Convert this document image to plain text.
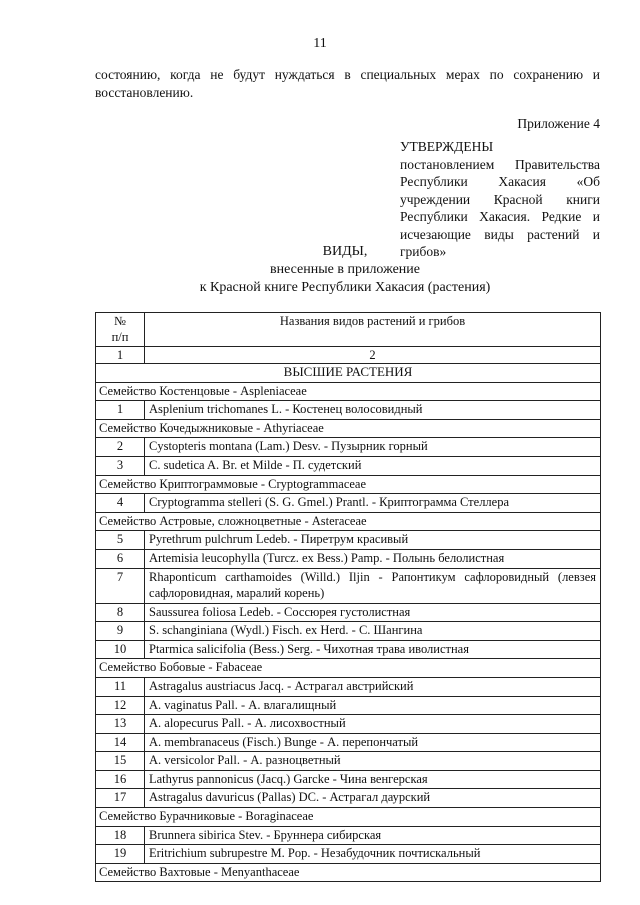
11
состоянию, когда не будут нуждаться в специальных мерах по сохранению и восстановлению.
Приложение 4
УТВЕРЖДЕНЫ
постановлением Правительства Республики Хакасия «Об учреждении Красной книги Республики Хакасия. Редкие и исчезающие виды растений и грибов»
ВИДЫ,
внесенные в приложение
к Красной книге Республики Хакасия (растения)
№
п/п	Названия видов растений и грибов
1	2
ВЫСШИЕ РАСТЕНИЯ	
Семейство Костенцовые - Aspleniaceae	
1	Asplenium trichomanes L. - Костенец волосовидный
Семейство Кочедыжниковые - Athyriaceae	
2	Cystopteris montana (Lam.) Desv. - Пузырник горный
3	C. sudetica A. Br. et Milde - П. судетский
Семейство Криптограммовые - Cryptogrammaceae	
4	Cryptogramma stelleri (S. G. Gmel.) Prantl. - Криптограмма Стеллера
Семейство Астровые, сложноцветные - Asteraceae	
5	Pyrethrum pulchrum Ledeb. - Пиретрум красивый
6	Artemisia leucophylla (Turcz. ex Bess.) Pamp. - Полынь белолистная
7	Rhaponticum carthamoides (Willd.) Iljin - Рапонтикум сафлоровидный (левзея сафлоровидная, маралий корень)
8	Saussurea foliosa Ledeb. - Соссюрея густолистная
9	S. schanginiana (Wydl.) Fisch. ex Herd. - С. Шангина
10	Ptarmica salicifolia (Bess.) Serg. - Чихотная трава иволистная
Семейство Бобовые - Fabaceae	
11	Astragalus austriacus Jacq. - Астрагал австрийский
12	A. vaginatus Pall. - А. влагалищный
13	A. alopecurus Pall. - А. лисохвостный
14	A. membranaceus (Fisch.) Bunge - А. перепончатый
15	A. versicolor Pall. - А. разноцветный
16	Lathyrus pannonicus (Jacq.) Garcke - Чина венгерская
17	Astragalus davuricus (Pallas) DC. - Астрагал даурский
Семейство Бурачниковые - Boraginaceae	
18	Brunnera sibirica Stev. - Бруннера сибирская
19	Eritrichium subrupestre M. Pop. - Незабудочник почтискальный
Семейство Вахтовые - Menyanthaceae	
